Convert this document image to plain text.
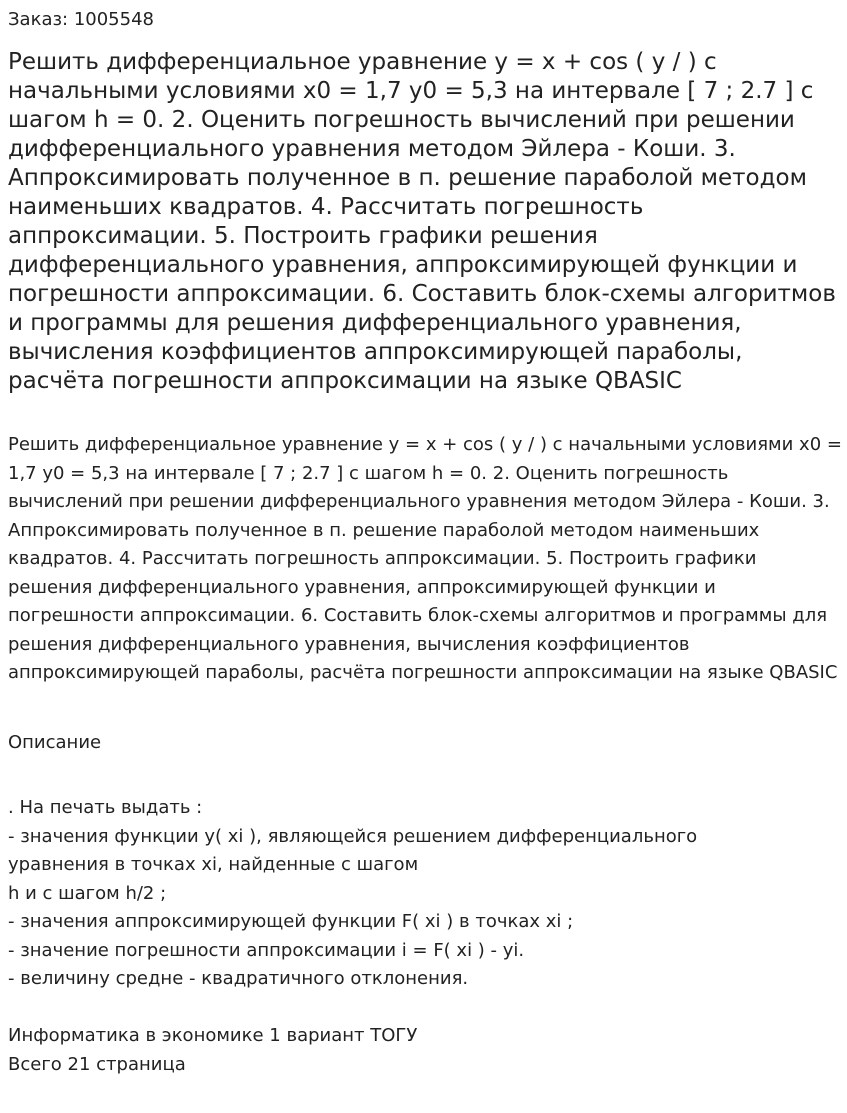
Заказ: 1005548
Решить дифференциальное уравнение y = x + cos ( y / ) с начальными условиями x0 = 1,7 y0 = 5,3 на интервале [ 7 ; 2.7 ] с шагом h = 0. 2. Оценить погрешность вычислений при решении дифференциального уравнения методом Эйлера - Коши. 3. Аппроксимировать полученное в п. решение параболой методом наименьших квадратов. 4. Рассчитать погрешность аппроксимации. 5. Построить графики решения дифференциального уравнения, аппроксимирующей функции и погрешности аппроксимации. 6. Составить блок-схемы алгоритмов и программы для решения дифференциального уравнения, вычисления коэффициентов аппроксимирующей параболы, расчёта погрешности аппроксимации на языке QBASIC

Решить дифференциальное уравнение y = x + cos ( y / ) с начальными условиями x0 = 1,7 y0 = 5,3 на интервале [ 7 ; 2.7 ] с шагом h = 0. 2. Оценить погрешность вычислений при решении дифференциального уравнения методом Эйлера - Коши. 3. Аппроксимировать полученное в п. решение параболой методом наименьших квадратов. 4. Рассчитать погрешность аппроксимации. 5. Построить графики решения дифференциального уравнения, аппроксимирующей функции и погрешности аппроксимации. 6. Составить блок-схемы алгоритмов и программы для решения дифференциального уравнения, вычисления коэффициентов аппроксимирующей параболы, расчёта погрешности аппроксимации на языке QBASIC

Описание
. На печать выдать :
- значения функции y( xi ), являющейся решением дифференциального
уравнения в точках xi, найденные с шагом
h и с шагом h/2 ;
- значения аппроксимирующей функции F( xi ) в точках xi ;
- значение погрешности аппроксимации i = F( xi ) - yi.
- величину средне - квадратичного отклонения.
Информатика в экономике 1 вариант ТОГУ
Всего 21 страница
